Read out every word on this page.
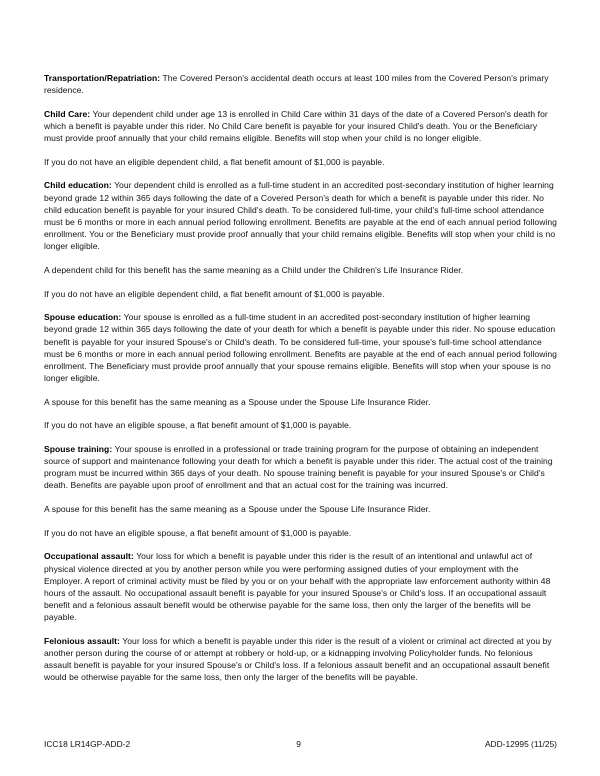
Transportation/Repatriation: The Covered Person's accidental death occurs at least 100 miles from the Covered Person's primary residence.

Child Care: Your dependent child under age 13 is enrolled in Child Care within 31 days of the date of a Covered Person's death for which a benefit is payable under this rider. No Child Care benefit is payable for your insured Child's death. You or the Beneficiary must provide proof annually that your child remains eligible. Benefits will stop when your child is no longer eligible.

If you do not have an eligible dependent child, a flat benefit amount of $1,000 is payable.

Child education: Your dependent child is enrolled as a full-time student in an accredited post-secondary institution of higher learning beyond grade 12 within 365 days following the date of a Covered Person's death for which a benefit is payable under this rider. No child education benefit is payable for your insured Child's death. To be considered full-time, your child's full-time school attendance must be 6 months or more in each annual period following enrollment. Benefits are payable at the end of each annual period following enrollment. You or the Beneficiary must provide proof annually that your child remains eligible. Benefits will stop when your child is no longer eligible.

A dependent child for this benefit has the same meaning as a Child under the Children's Life Insurance Rider.

If you do not have an eligible dependent child, a flat benefit amount of $1,000 is payable.

Spouse education: Your spouse is enrolled as a full-time student in an accredited post-secondary institution of higher learning beyond grade 12 within 365 days following the date of your death for which a benefit is payable under this rider. No spouse education benefit is payable for your insured Spouse's or Child's death. To be considered full-time, your spouse's full-time school attendance must be 6 months or more in each annual period following enrollment. Benefits are payable at the end of each annual period following enrollment. The Beneficiary must provide proof annually that your spouse remains eligible. Benefits will stop when your spouse is no longer eligible.

A spouse for this benefit has the same meaning as a Spouse under the Spouse Life Insurance Rider.

If you do not have an eligible spouse, a flat benefit amount of $1,000 is payable.

Spouse training: Your spouse is enrolled in a professional or trade training program for the purpose of obtaining an independent source of support and maintenance following your death for which a benefit is payable under this rider. The actual cost of the training program must be incurred within 365 days of your death. No spouse training benefit is payable for your insured Spouse's or Child's death. Benefits are payable upon proof of enrollment and that an actual cost for the training was incurred.

A spouse for this benefit has the same meaning as a Spouse under the Spouse Life Insurance Rider.

If you do not have an eligible spouse, a flat benefit amount of $1,000 is payable.

Occupational assault: Your loss for which a benefit is payable under this rider is the result of an intentional and unlawful act of physical violence directed at you by another person while you were performing assigned duties of your employment with the Employer. A report of criminal activity must be filed by you or on your behalf with the appropriate law enforcement authority within 48 hours of the assault. No occupational assault benefit is payable for your insured Spouse's or Child's loss. If an occupational assault benefit and a felonious assault benefit would be otherwise payable for the same loss, then only the larger of the benefits will be payable.

Felonious assault: Your loss for which a benefit is payable under this rider is the result of a violent or criminal act directed at you by another person during the course of or attempt at robbery or hold-up, or a kidnapping involving Policyholder funds. No felonious assault benefit is payable for your insured Spouse's or Child's loss. If a felonious assault benefit and an occupational assault benefit would be otherwise payable for the same loss, then only the larger of the benefits will be payable.

ICC18 LR14GP-ADD-2	9	ADD-12995 (11/25)
